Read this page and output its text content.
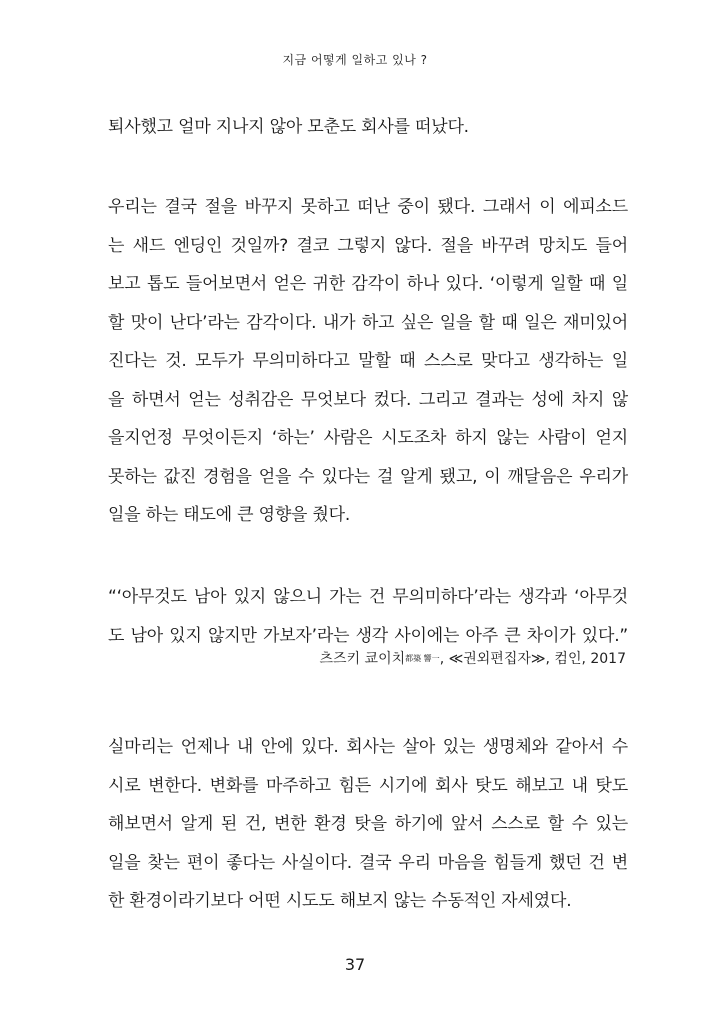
지금 어떻게 일하고 있나 ?
퇴사했고 얼마 지나지 않아 모춘도 회사를 떠났다.
우리는 결국 절을 바꾸지 못하고 떠난 중이 됐다. 그래서 이 에피소드
는 새드 엔딩인 것일까? 결코 그렇지 않다. 절을 바꾸려 망치도 들어
보고 톱도 들어보면서 얻은 귀한 감각이 하나 있다. ‘이렇게 일할 때 일
할 맛이 난다’라는 감각이다. 내가 하고 싶은 일을 할 때 일은 재미있어
진다는 것. 모두가 무의미하다고 말할 때 스스로 맞다고 생각하는 일
을 하면서 얻는 성취감은 무엇보다 컸다. 그리고 결과는 성에 차지 않
을지언정 무엇이든지 ‘하는’ 사람은 시도조차 하지 않는 사람이 얻지
못하는 값진 경험을 얻을 수 있다는 걸 알게 됐고, 이 깨달음은 우리가
일을 하는 태도에 큰 영향을 줬다.
“‘아무것도 남아 있지 않으니 가는 건 무의미하다’라는 생각과 ‘아무것
도 남아 있지 않지만 가보자’라는 생각 사이에는 아주 큰 차이가 있다.”
츠즈키 쿄이치都築 響一, ≪권외편집자≫, 컴인, 2017
실마리는 언제나 내 안에 있다. 회사는 살아 있는 생명체와 같아서 수
시로 변한다. 변화를 마주하고 힘든 시기에 회사 탓도 해보고 내 탓도
해보면서 알게 된 건, 변한 환경 탓을 하기에 앞서 스스로 할 수 있는
일을 찾는 편이 좋다는 사실이다. 결국 우리 마음을 힘들게 했던 건 변
한 환경이라기보다 어떤 시도도 해보지 않는 수동적인 자세였다.
37
